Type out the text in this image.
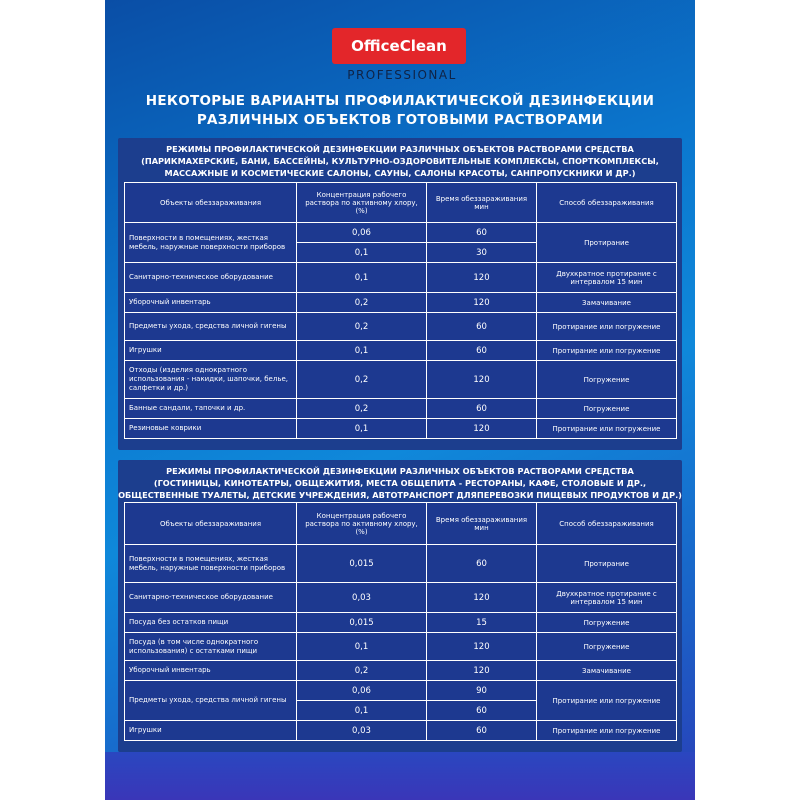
OfficeClean
PROFESSIONAL
НЕКОТОРЫЕ ВАРИАНТЫ ПРОФИЛАКТИЧЕСКОЙ ДЕЗИНФЕКЦИИ
РАЗЛИЧНЫХ ОБЪЕКТОВ ГОТОВЫМИ РАСТВОРАМИ
РЕЖИМЫ ПРОФИЛАКТИЧЕСКОЙ ДЕЗИНФЕКЦИИ РАЗЛИЧНЫХ ОБЪЕКТОВ РАСТВОРАМИ СРЕДСТВА
(ПАРИКМАХЕРСКИЕ, БАНИ, БАССЕЙНЫ, КУЛЬТУРНО-ОЗДОРОВИТЕЛЬНЫЕ КОМПЛЕКСЫ, СПОРТКОМПЛЕКСЫ,
МАССАЖНЫЕ И КОСМЕТИЧЕСКИЕ САЛОНЫ, САУНЫ, САЛОНЫ КРАСОТЫ, САНПРОПУСКНИКИ И ДР.)
Объекты обеззараживания	Концентрация рабочего раствора по активному хлору, (%)	Время обеззараживания мин	Способ обеззараживания
Поверхности в помещениях, жесткая мебель, наружные поверхности приборов	0,06	60	Протирание
	0,1	30	
Санитарно-техническое оборудование	0,1	120	Двухкратное протирание с интервалом 15 мин
Уборочный инвентарь	0,2	120	Замачивание
Предметы ухода, средства личной гигены	0,2	60	Протирание или погружение
Игрушки	0,1	60	Протирание или погружение
Отходы (изделия однократного использования - накидки, шапочки, белье, салфетки и др.)	0,2	120	Погружение
Банные сандали, тапочки и др.	0,2	60	Погружение
Резиновые коврики	0,1	120	Протирание или погружение
РЕЖИМЫ ПРОФИЛАКТИЧЕСКОЙ ДЕЗИНФЕКЦИИ РАЗЛИЧНЫХ ОБЪЕКТОВ РАСТВОРАМИ СРЕДСТВА
(ГОСТИНИЦЫ, КИНОТЕАТРЫ, ОБЩЕЖИТИЯ, МЕСТА ОБЩЕПИТА - РЕСТОРАНЫ, КАФЕ, СТОЛОВЫЕ И ДР.,
ОБЩЕСТВЕННЫЕ ТУАЛЕТЫ, ДЕТСКИЕ УЧРЕЖДЕНИЯ, АВТОТРАНСПОРТ ДЛЯПЕРЕВОЗКИ ПИЩЕВЫХ ПРОДУКТОВ И ДР.)
Объекты обеззараживания	Концентрация рабочего раствора по активному хлору, (%)	Время обеззараживания мин	Способ обеззараживания
Поверхности в помещениях, жесткая мебель, наружные поверхности приборов	0,015	60	Протирание
Санитарно-техническое оборудование	0,03	120	Двухкратное протирание с интервалом 15 мин
Посуда без остатков пищи	0,015	15	Погружение
Посуда (в том числе однократного использования) с остатками пищи	0,1	120	Погружение
Уборочный инвентарь	0,2	120	Замачивание
Предметы ухода, средства личной гигены	0,06	90	Протирание или погружение
	0,1	60	
Игрушки	0,03	60	Протирание или погружение
